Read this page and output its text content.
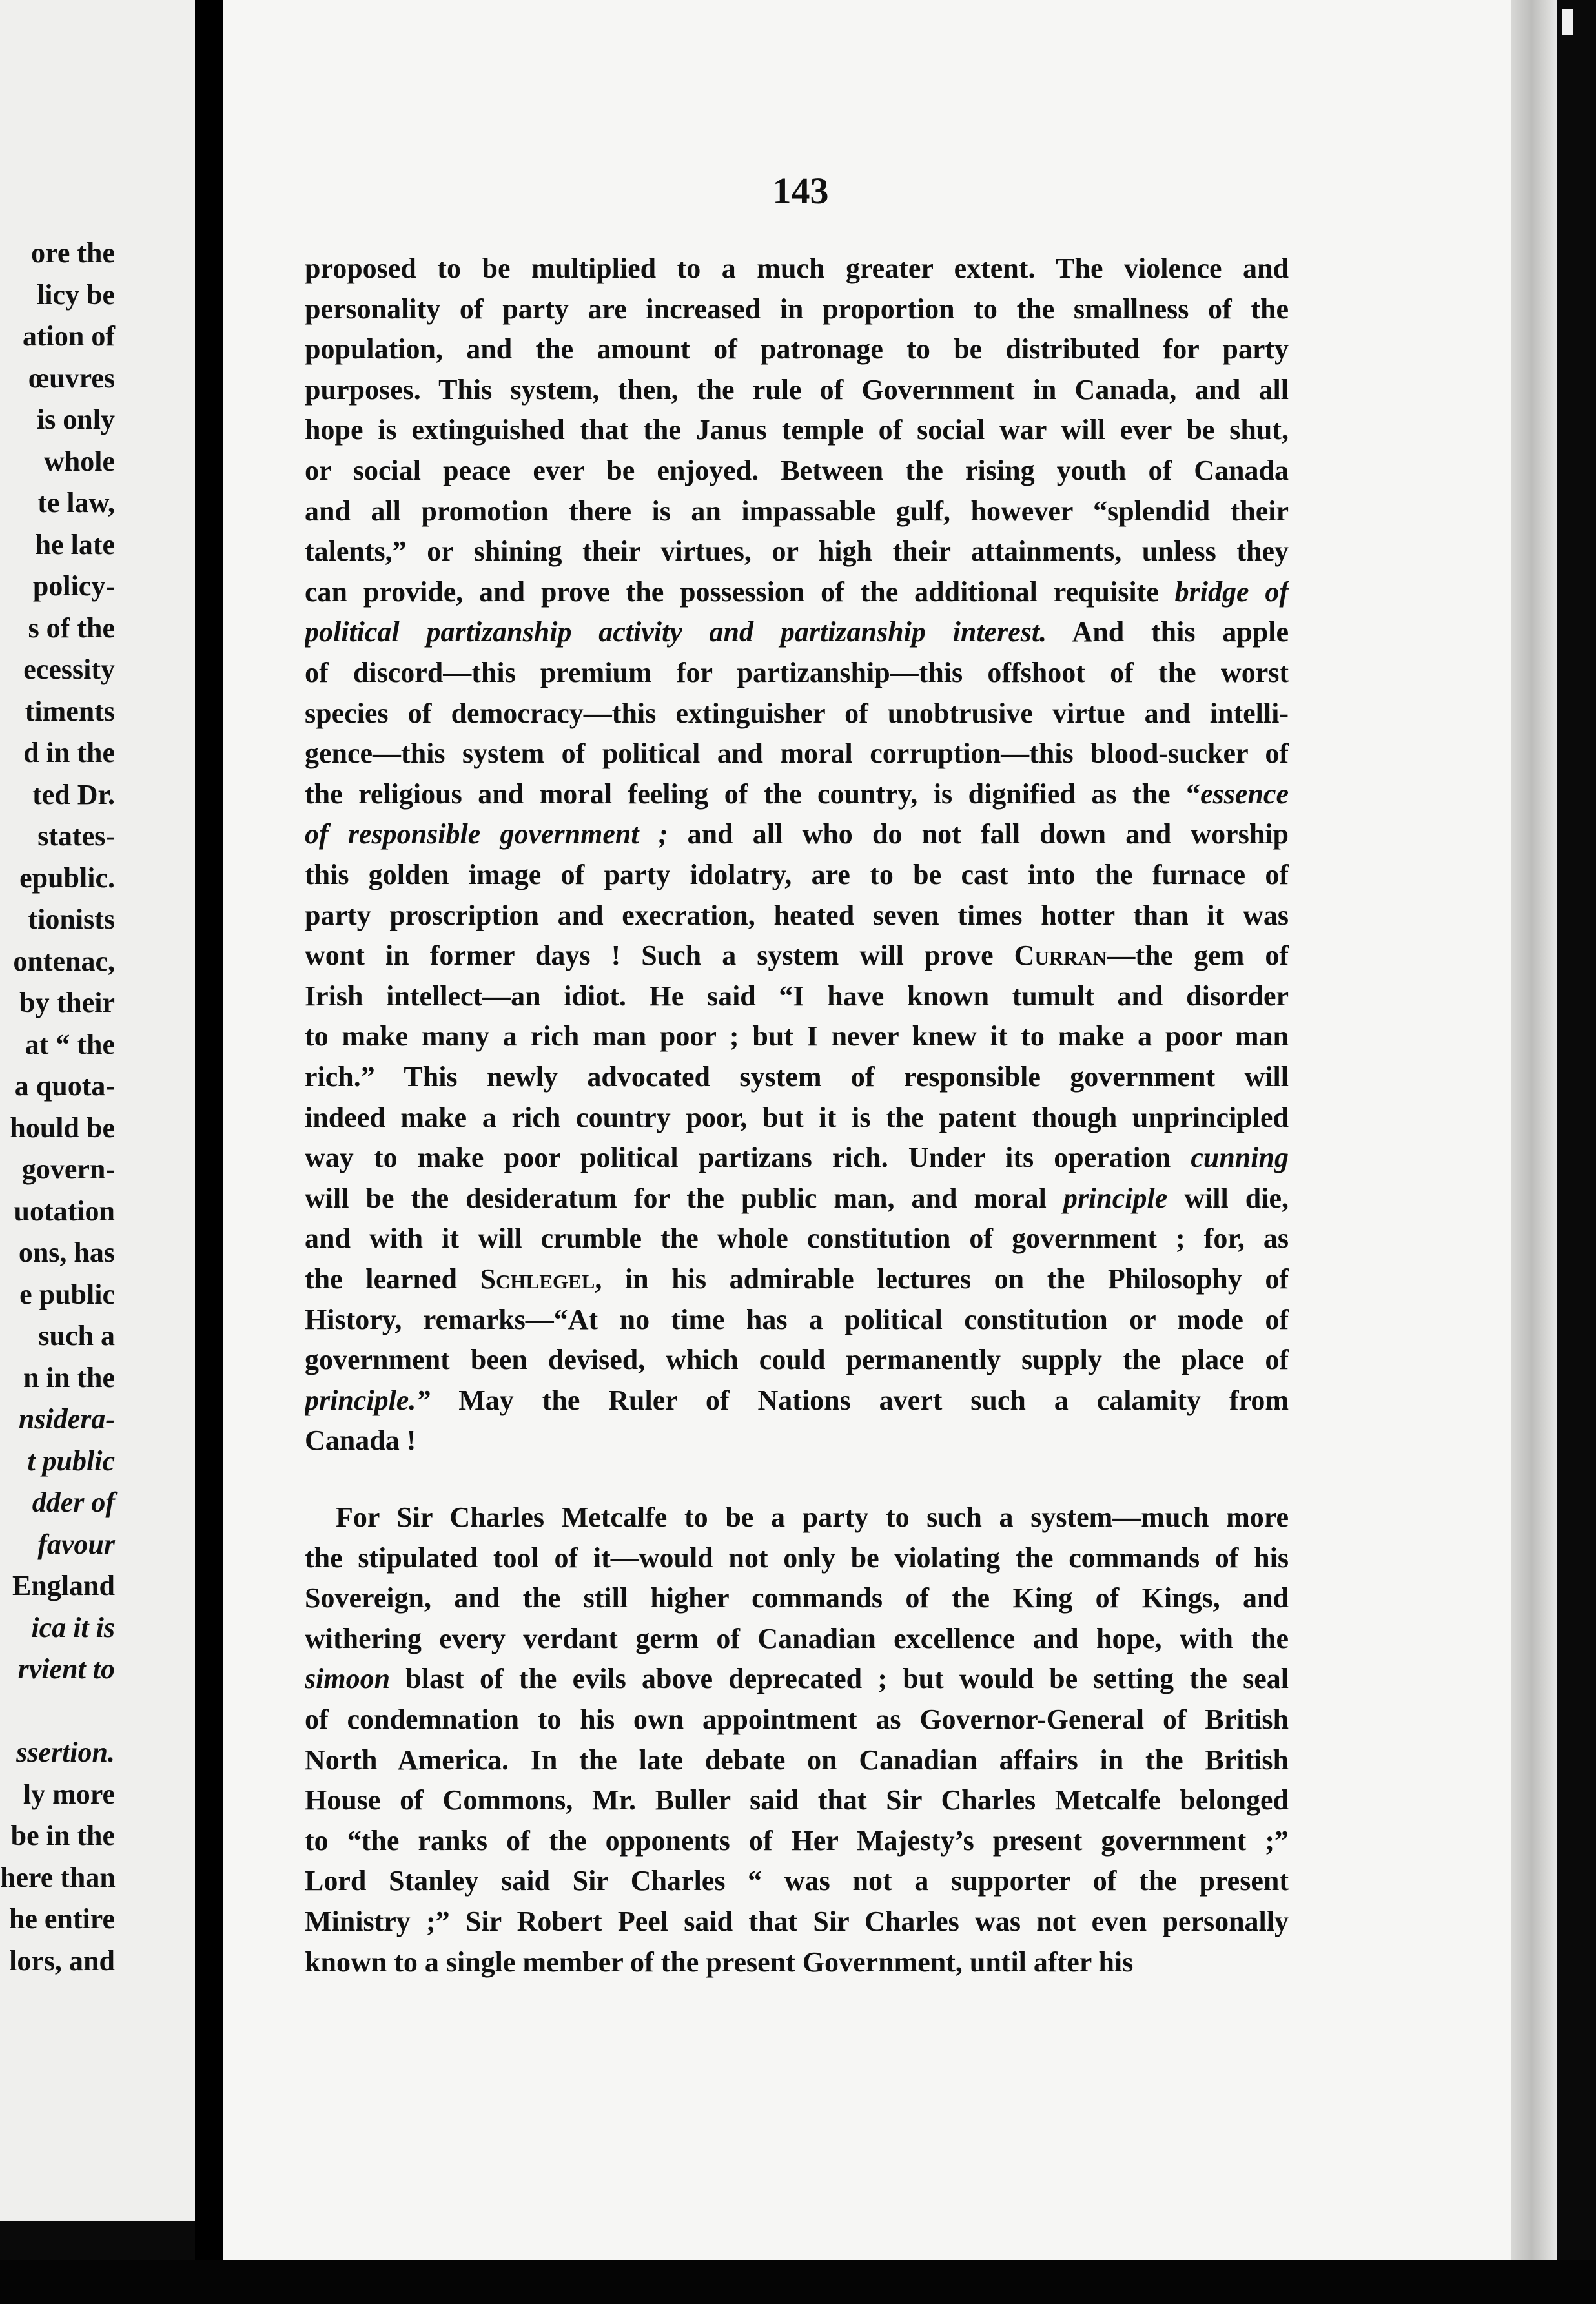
ore the
licy be
ation of
œuvres
is only
whole
te law,
he late
policy-
s of the
ecessity
timents
d in the
ted Dr.
states-
epublic.
tionists
ontenac,
by their
at “ the
a quota-
hould be
govern-
uotation
ons, has
e public
such a
n in the
nsidera-
t public
dder of
favour
England
ica it is
rvient to
ssertion.
ly more
be in the
here than
he entire
lors, and
143
proposed to be multiplied to a much greater extent. The violence and
personality of party are increased in proportion to the smallness of the
population, and the amount of patronage to be distributed for party
purposes. This system, then, the rule of Government in Canada, and all
hope is extinguished that the Janus temple of social war will ever be shut,
or social peace ever be enjoyed. Between the rising youth of Canada
and all promotion there is an impassable gulf, however “splendid their
talents,” or shining their virtues, or high their attainments, unless they
can provide, and prove the possession of the additional requisite bridge of
political partizanship activity and partizanship interest. And this apple
of discord—this premium for partizanship—this offshoot of the worst
species of democracy—this extinguisher of unobtrusive virtue and intelli-
gence—this system of political and moral corruption—this blood-sucker of
the religious and moral feeling of the country, is dignified as the “essence
of responsible government ; and all who do not fall down and worship
this golden image of party idolatry, are to be cast into the furnace of
party proscription and execration, heated seven times hotter than it was
wont in former days ! Such a system will prove Curran—the gem of
Irish intellect—an idiot. He said “I have known tumult and disorder
to make many a rich man poor ; but I never knew it to make a poor man
rich.” This newly advocated system of responsible government will
indeed make a rich country poor, but it is the patent though unprincipled
way to make poor political partizans rich. Under its operation cunning
will be the desideratum for the public man, and moral principle will die,
and with it will crumble the whole constitution of government ; for, as
the learned Schlegel, in his admirable lectures on the Philosophy of
History, remarks—“At no time has a political constitution or mode of
government been devised, which could permanently supply the place of
principle.” May the Ruler of Nations avert such a calamity from
Canada !
For Sir Charles Metcalfe to be a party to such a system—much more
the stipulated tool of it—would not only be violating the commands of his
Sovereign, and the still higher commands of the King of Kings, and
withering every verdant germ of Canadian excellence and hope, with the
simoon blast of the evils above deprecated ; but would be setting the seal
of condemnation to his own appointment as Governor-General of British
North America. In the late debate on Canadian affairs in the British
House of Commons, Mr. Buller said that Sir Charles Metcalfe belonged
to “the ranks of the opponents of Her Majesty’s present government ;”
Lord Stanley said Sir Charles “ was not a supporter of the present
Ministry ;” Sir Robert Peel said that Sir Charles was not even personally
known to a single member of the present Government, until after his
